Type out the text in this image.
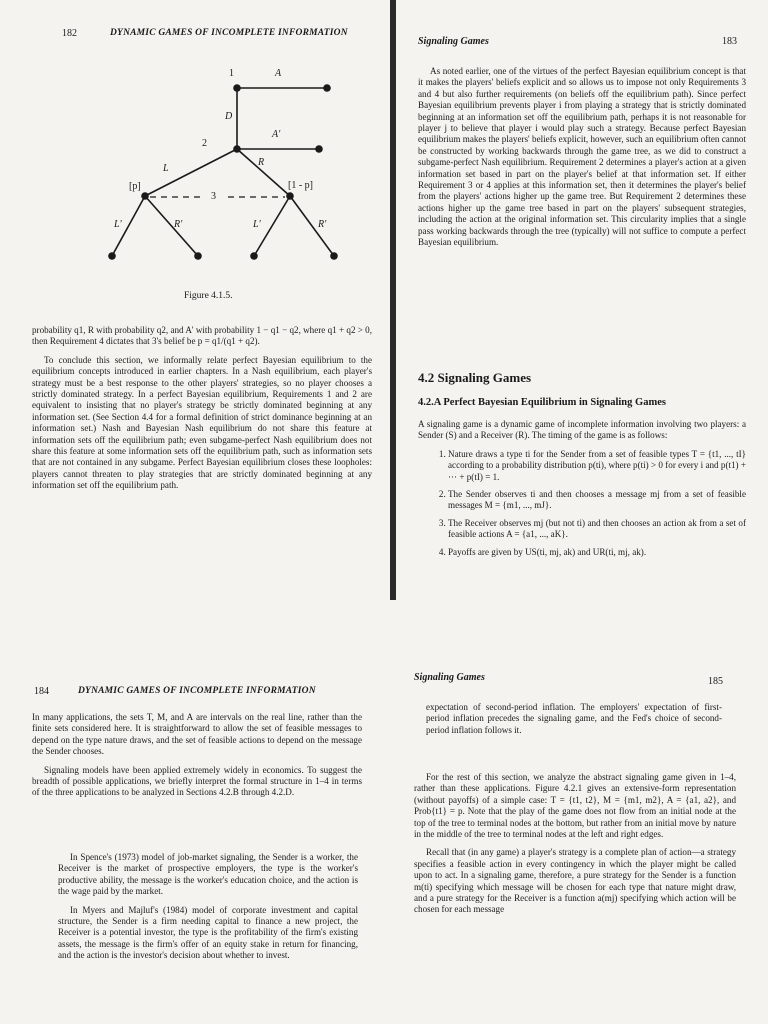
182	DYNAMIC GAMES OF INCOMPLETE INFORMATION
1	A
D
2
A'
L
R
[p]	[1 - p]
3
L'	R'	L'	R'
Figure 4.1.5.

probability q1, R with probability q2, and A' with probability 1 − q1 − q2, where q1 + q2 > 0, then Requirement 4 dictates that 3's belief be p = q1/(q1 + q2).

To conclude this section, we informally relate perfect Bayesian equilibrium to the equilibrium concepts introduced in earlier chapters. In a Nash equilibrium, each player's strategy must be a best response to the other players' strategies, so no player chooses a strictly dominated strategy. In a perfect Bayesian equilibrium, Requirements 1 and 2 are equivalent to insisting that no player's strategy be strictly dominated beginning at any information set. (See Section 4.4 for a formal definition of strict dominance beginning at an information set.) Nash and Bayesian Nash equilibrium do not share this feature at information sets off the equilibrium path; even subgame-perfect Nash equilibrium does not share this feature at some information sets off the equilibrium path, such as information sets that are not contained in any subgame. Perfect Bayesian equilibrium closes these loopholes: players cannot threaten to play strategies that are strictly dominated beginning at any information set off the equilibrium path.

Signaling Games	183

As noted earlier, one of the virtues of the perfect Bayesian equilibrium concept is that it makes the players' beliefs explicit and so allows us to impose not only Requirements 3 and 4 but also further requirements (on beliefs off the equilibrium path). Since perfect Bayesian equilibrium prevents player i from playing a strategy that is strictly dominated beginning at an information set off the equilibrium path, perhaps it is not reasonable for player j to believe that player i would play such a strategy. Because perfect Bayesian equilibrium makes the players' beliefs explicit, however, such an equilibrium often cannot be constructed by working backwards through the game tree, as we did to construct a subgame-perfect Nash equilibrium. Requirement 2 determines a player's action at a given information set based in part on the player's belief at that information set. If either Requirement 3 or 4 applies at this information set, then it determines the player's belief from the players' actions higher up the game tree. But Requirement 2 determines these actions higher up the game tree based in part on the players' subsequent strategies, including the action at the original information set. This circularity implies that a single pass working backwards through the tree (typically) will not suffice to compute a perfect Bayesian equilibrium.

4.2 Signaling Games
4.2.A Perfect Bayesian Equilibrium in Signaling Games

A signaling game is a dynamic game of incomplete information involving two players: a Sender (S) and a Receiver (R). The timing of the game is as follows:

1. Nature draws a type ti for the Sender from a set of feasible types T = {t1, ..., tI} according to a probability distribution p(ti), where p(ti) > 0 for every i and p(t1) + ··· + p(tI) = 1.
2. The Sender observes ti and then chooses a message mj from a set of feasible messages M = {m1, ..., mJ}.
3. The Receiver observes mj (but not ti) and then chooses an action ak from a set of feasible actions A = {a1, ..., aK}.
4. Payoffs are given by US(ti, mj, ak) and UR(ti, mj, ak).
184	DYNAMIC GAMES OF INCOMPLETE INFORMATION

In many applications, the sets T, M, and A are intervals on the real line, rather than the finite sets considered here. It is straightforward to allow the set of feasible messages to depend on the type nature draws, and the set of feasible actions to depend on the message the Sender chooses.

Signaling models have been applied extremely widely in economics. To suggest the breadth of possible applications, we briefly interpret the formal structure in 1–4 in terms of the three applications to be analyzed in Sections 4.2.B through 4.2.D.

In Spence's (1973) model of job-market signaling, the Sender is a worker, the Receiver is the market of prospective employers, the type is the worker's productive ability, the message is the worker's education choice, and the action is the wage paid by the market.

In Myers and Majluf's (1984) model of corporate investment and capital structure, the Sender is a firm needing capital to finance a new project, the Receiver is a potential investor, the type is the profitability of the firm's existing assets, the message is the firm's offer of an equity stake in return for financing, and the action is the investor's decision about whether to invest.

Signaling Games	185

expectation of second-period inflation. The employers' expectation of first-period inflation precedes the signaling game, and the Fed's choice of second-period inflation follows it.

For the rest of this section, we analyze the abstract signaling game given in 1–4, rather than these applications. Figure 4.2.1 gives an extensive-form representation (without payoffs) of a simple case: T = {t1, t2}, M = {m1, m2}, A = {a1, a2}, and Prob{t1} = p. Note that the play of the game does not flow from an initial node at the top of the tree to terminal nodes at the bottom, but rather from an initial move by nature in the middle of the tree to terminal nodes at the left and right edges.

Recall that (in any game) a player's strategy is a complete plan of action—a strategy specifies a feasible action in every contingency in which the player might be called upon to act. In a signaling game, therefore, a pure strategy for the Sender is a function m(ti) specifying which message will be chosen for each type that nature might draw, and a pure strategy for the Receiver is a function a(mj) specifying which action will be chosen for each message
